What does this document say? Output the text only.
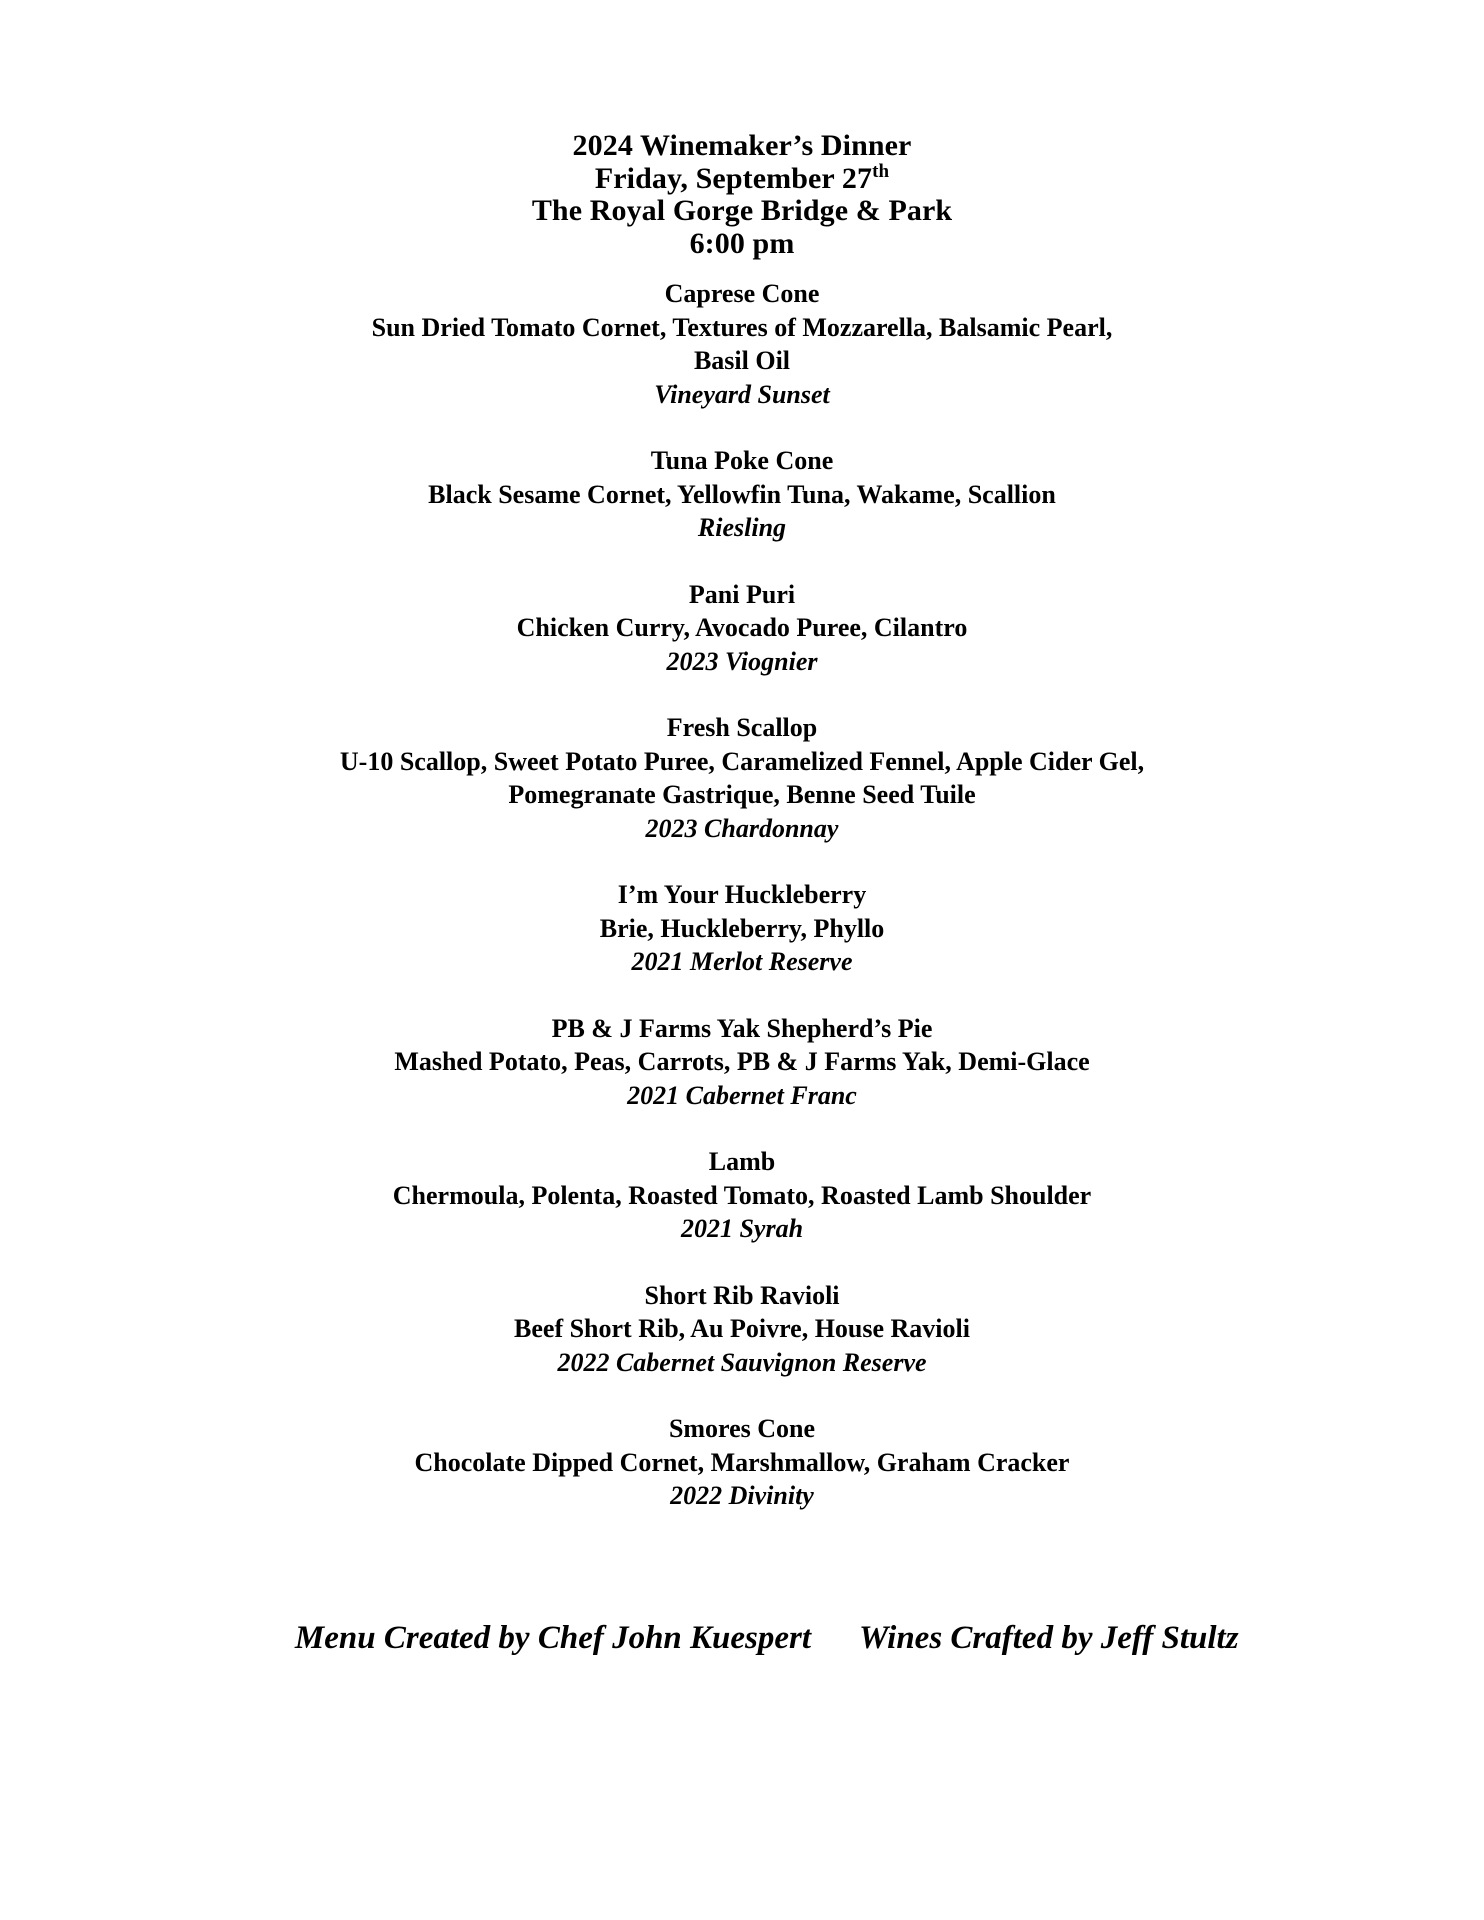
2024 Winemaker’s Dinner
Friday, September 27th
The Royal Gorge Bridge & Park
6:00 pm
Caprese Cone
Sun Dried Tomato Cornet, Textures of Mozzarella, Balsamic Pearl,
Basil Oil
Vineyard Sunset
Tuna Poke Cone
Black Sesame Cornet, Yellowfin Tuna, Wakame, Scallion
Riesling
Pani Puri
Chicken Curry, Avocado Puree, Cilantro
2023 Viognier
Fresh Scallop
U-10 Scallop, Sweet Potato Puree, Caramelized Fennel, Apple Cider Gel,
Pomegranate Gastrique, Benne Seed Tuile
2023 Chardonnay
I’m Your Huckleberry
Brie, Huckleberry, Phyllo
2021 Merlot Reserve
PB & J Farms Yak Shepherd’s Pie
Mashed Potato, Peas, Carrots, PB & J Farms Yak, Demi-Glace
2021 Cabernet Franc
Lamb
Chermoula, Polenta, Roasted Tomato, Roasted Lamb Shoulder
2021 Syrah
Short Rib Ravioli
Beef Short Rib, Au Poivre, House Ravioli
2022 Cabernet Sauvignon Reserve
Smores Cone
Chocolate Dipped Cornet, Marshmallow, Graham Cracker
2022 Divinity

Menu Created by Chef John Kuespert Wines Crafted by Jeff Stultz
